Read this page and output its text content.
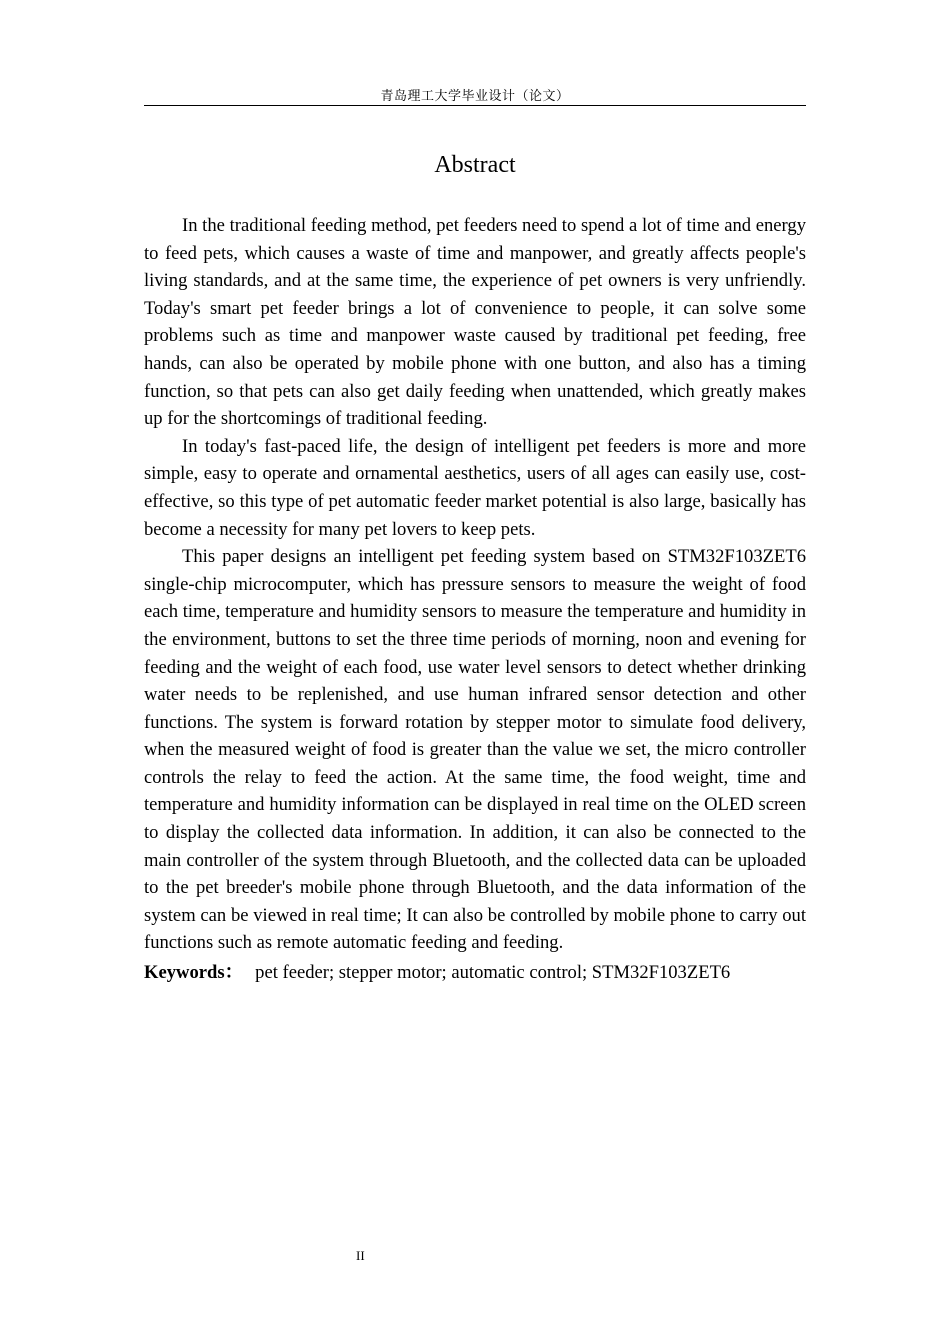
青岛理工大学毕业设计（论文）
Abstract

In the traditional feeding method, pet feeders need to spend a lot of time and energy to feed pets, which causes a waste of time and manpower, and greatly affects people's living standards, and at the same time, the experience of pet owners is very unfriendly. Today's smart pet feeder brings a lot of convenience to people, it can solve some problems such as time and manpower waste caused by traditional pet feeding, free hands, can also be operated by mobile phone with one button, and also has a timing function, so that pets can also get daily feeding when unattended, which greatly makes up for the shortcomings of traditional feeding.

In today's fast-paced life, the design of intelligent pet feeders is more and more simple, easy to operate and ornamental aesthetics, users of all ages can easily use, cost-effective, so this type of pet automatic feeder market potential is also large, basically has become a necessity for many pet lovers to keep pets.

This paper designs an intelligent pet feeding system based on STM32F103ZET6 single-chip microcomputer, which has pressure sensors to measure the weight of food each time, temperature and humidity sensors to measure the temperature and humidity in the environment, buttons to set the three time periods of morning, noon and evening for feeding and the weight of each food, use water level sensors to detect whether drinking water needs to be replenished, and use human infrared sensor detection and other functions. The system is forward rotation by stepper motor to simulate food delivery, when the measured weight of food is greater than the value we set, the micro controller controls the relay to feed the action. At the same time, the food weight, time and temperature and humidity information can be displayed in real time on the OLED screen to display the collected data information. In addition, it can also be connected to the main controller of the system through Bluetooth, and the collected data can be uploaded to the pet breeder's mobile phone through Bluetooth, and the data information of the system can be viewed in real time; It can also be controlled by mobile phone to carry out functions such as remote automatic feeding and feeding.

Keywords： pet feeder; stepper motor; automatic control; STM32F103ZET6

II
